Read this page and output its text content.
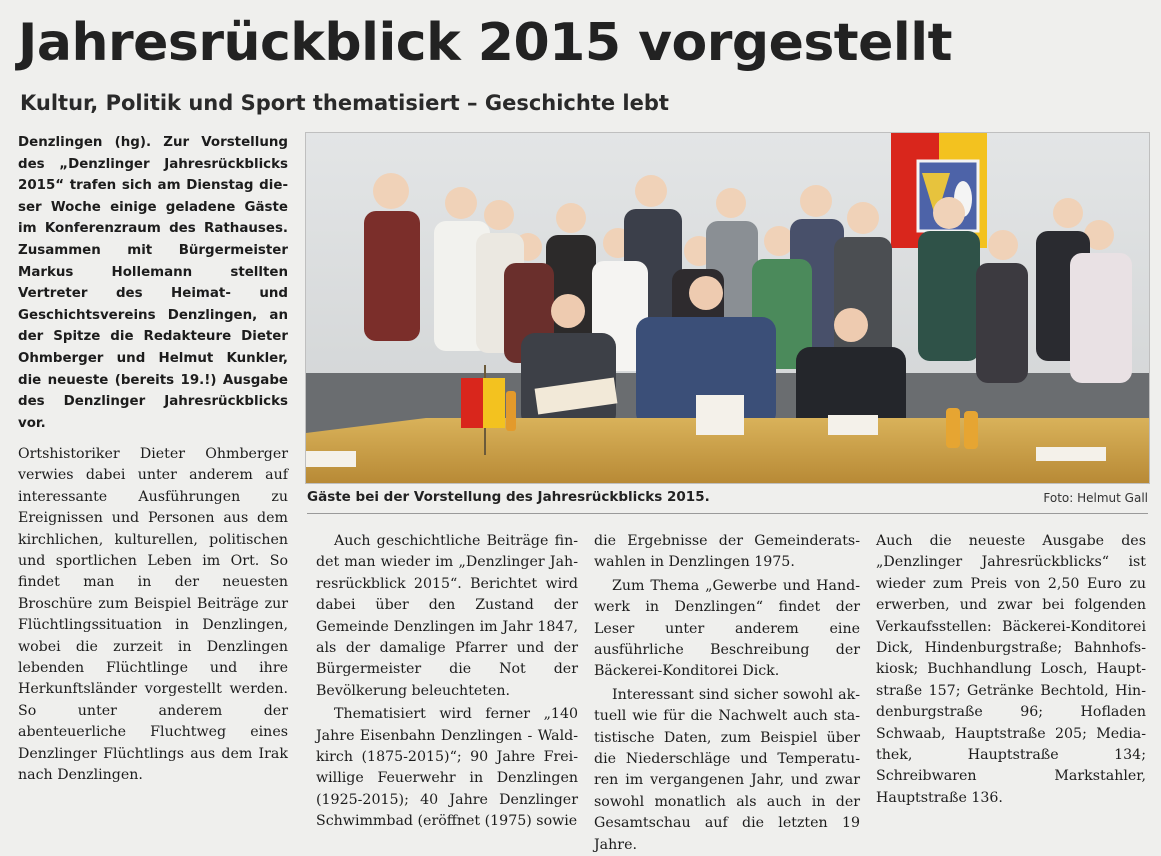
Jahresrückblick 2015 vorgestellt
Kultur, Politik und Sport thematisiert – Geschichte lebt

Denzlingen (hg). Zur Vorstellung des „Denzlinger Jahresrückblicks 2015“ trafen sich am Dienstag dieser Woche einige geladene Gäste im Konferenzraum des Rathauses. Zusammen mit Bürgermeister Markus Hollemann stellten Vertreter des Heimat- und Geschichtsvereins Denzlingen, an der Spitze die Redakteure Dieter Ohmberger und Helmut Kunkler, die neueste (bereits 19.!) Ausgabe des Denzlinger Jahresrückblicks vor.

Ortshistoriker Dieter Ohmberger verwies dabei unter anderem auf interessante Ausführungen zu Ereignissen und Personen aus dem kirchlichen, kulturellen, politischen und sportlichen Leben im Ort. So findet man in der neuesten Broschüre zum Beispiel Beiträge zur Flüchtlingssituation in Denzlingen, wobei die zurzeit in Denzlingen lebenden Flüchtlinge und ihre Herkunftsländer vorgestellt werden. So unter anderem der abenteuerliche Fluchtweg eines Denzlinger Flüchtlings aus dem Irak nach Denzlingen.

Gäste bei der Vorstellung des Jahresrückblicks 2015.	Foto: Helmut Gall

Auch geschichtliche Beiträge findet man wieder im „Denzlinger Jahresrückblick 2015“. Berichtet wird dabei über den Zustand der Gemeinde Denzlingen im Jahr 1847, als der damalige Pfarrer und der Bürgermeister die Not der Bevölkerung beleuchteten.

Thematisiert wird ferner „140 Jahre Eisenbahn Denzlingen - Waldkirch (1875-2015)“; 90 Jahre Freiwillige Feuerwehr in Denzlingen (1925-2015); 40 Jahre Denzlinger Schwimmbad (eröffnet (1975) sowie

die Ergebnisse der Gemeinderatswahlen in Denzlingen 1975.

Zum Thema „Gewerbe und Handwerk in Denzlingen“ findet der Leser unter anderem eine ausführliche Beschreibung der Bäckerei-Konditorei Dick.

Interessant sind sicher sowohl aktuell wie für die Nachwelt auch statistische Daten, zum Beispiel über die Niederschläge und Temperaturen im vergangenen Jahr, und zwar sowohl monatlich als auch in der Gesamtschau auf die letzten 19 Jahre.

Auch die neueste Ausgabe des „Denzlinger Jahresrückblicks“ ist wieder zum Preis von 2,50 Euro zu erwerben, und zwar bei folgenden Verkaufsstellen: Bäckerei-Konditorei Dick, Hindenburgstraße; Bahnhofskiosk; Buchhandlung Losch, Hauptstraße 157; Getränke Bechtold, Hindenburgstraße 96; Hofladen Schwaab, Hauptstraße 205; Mediathek, Hauptstraße 134; Schreibwaren Markstahler, Hauptstraße 136.
